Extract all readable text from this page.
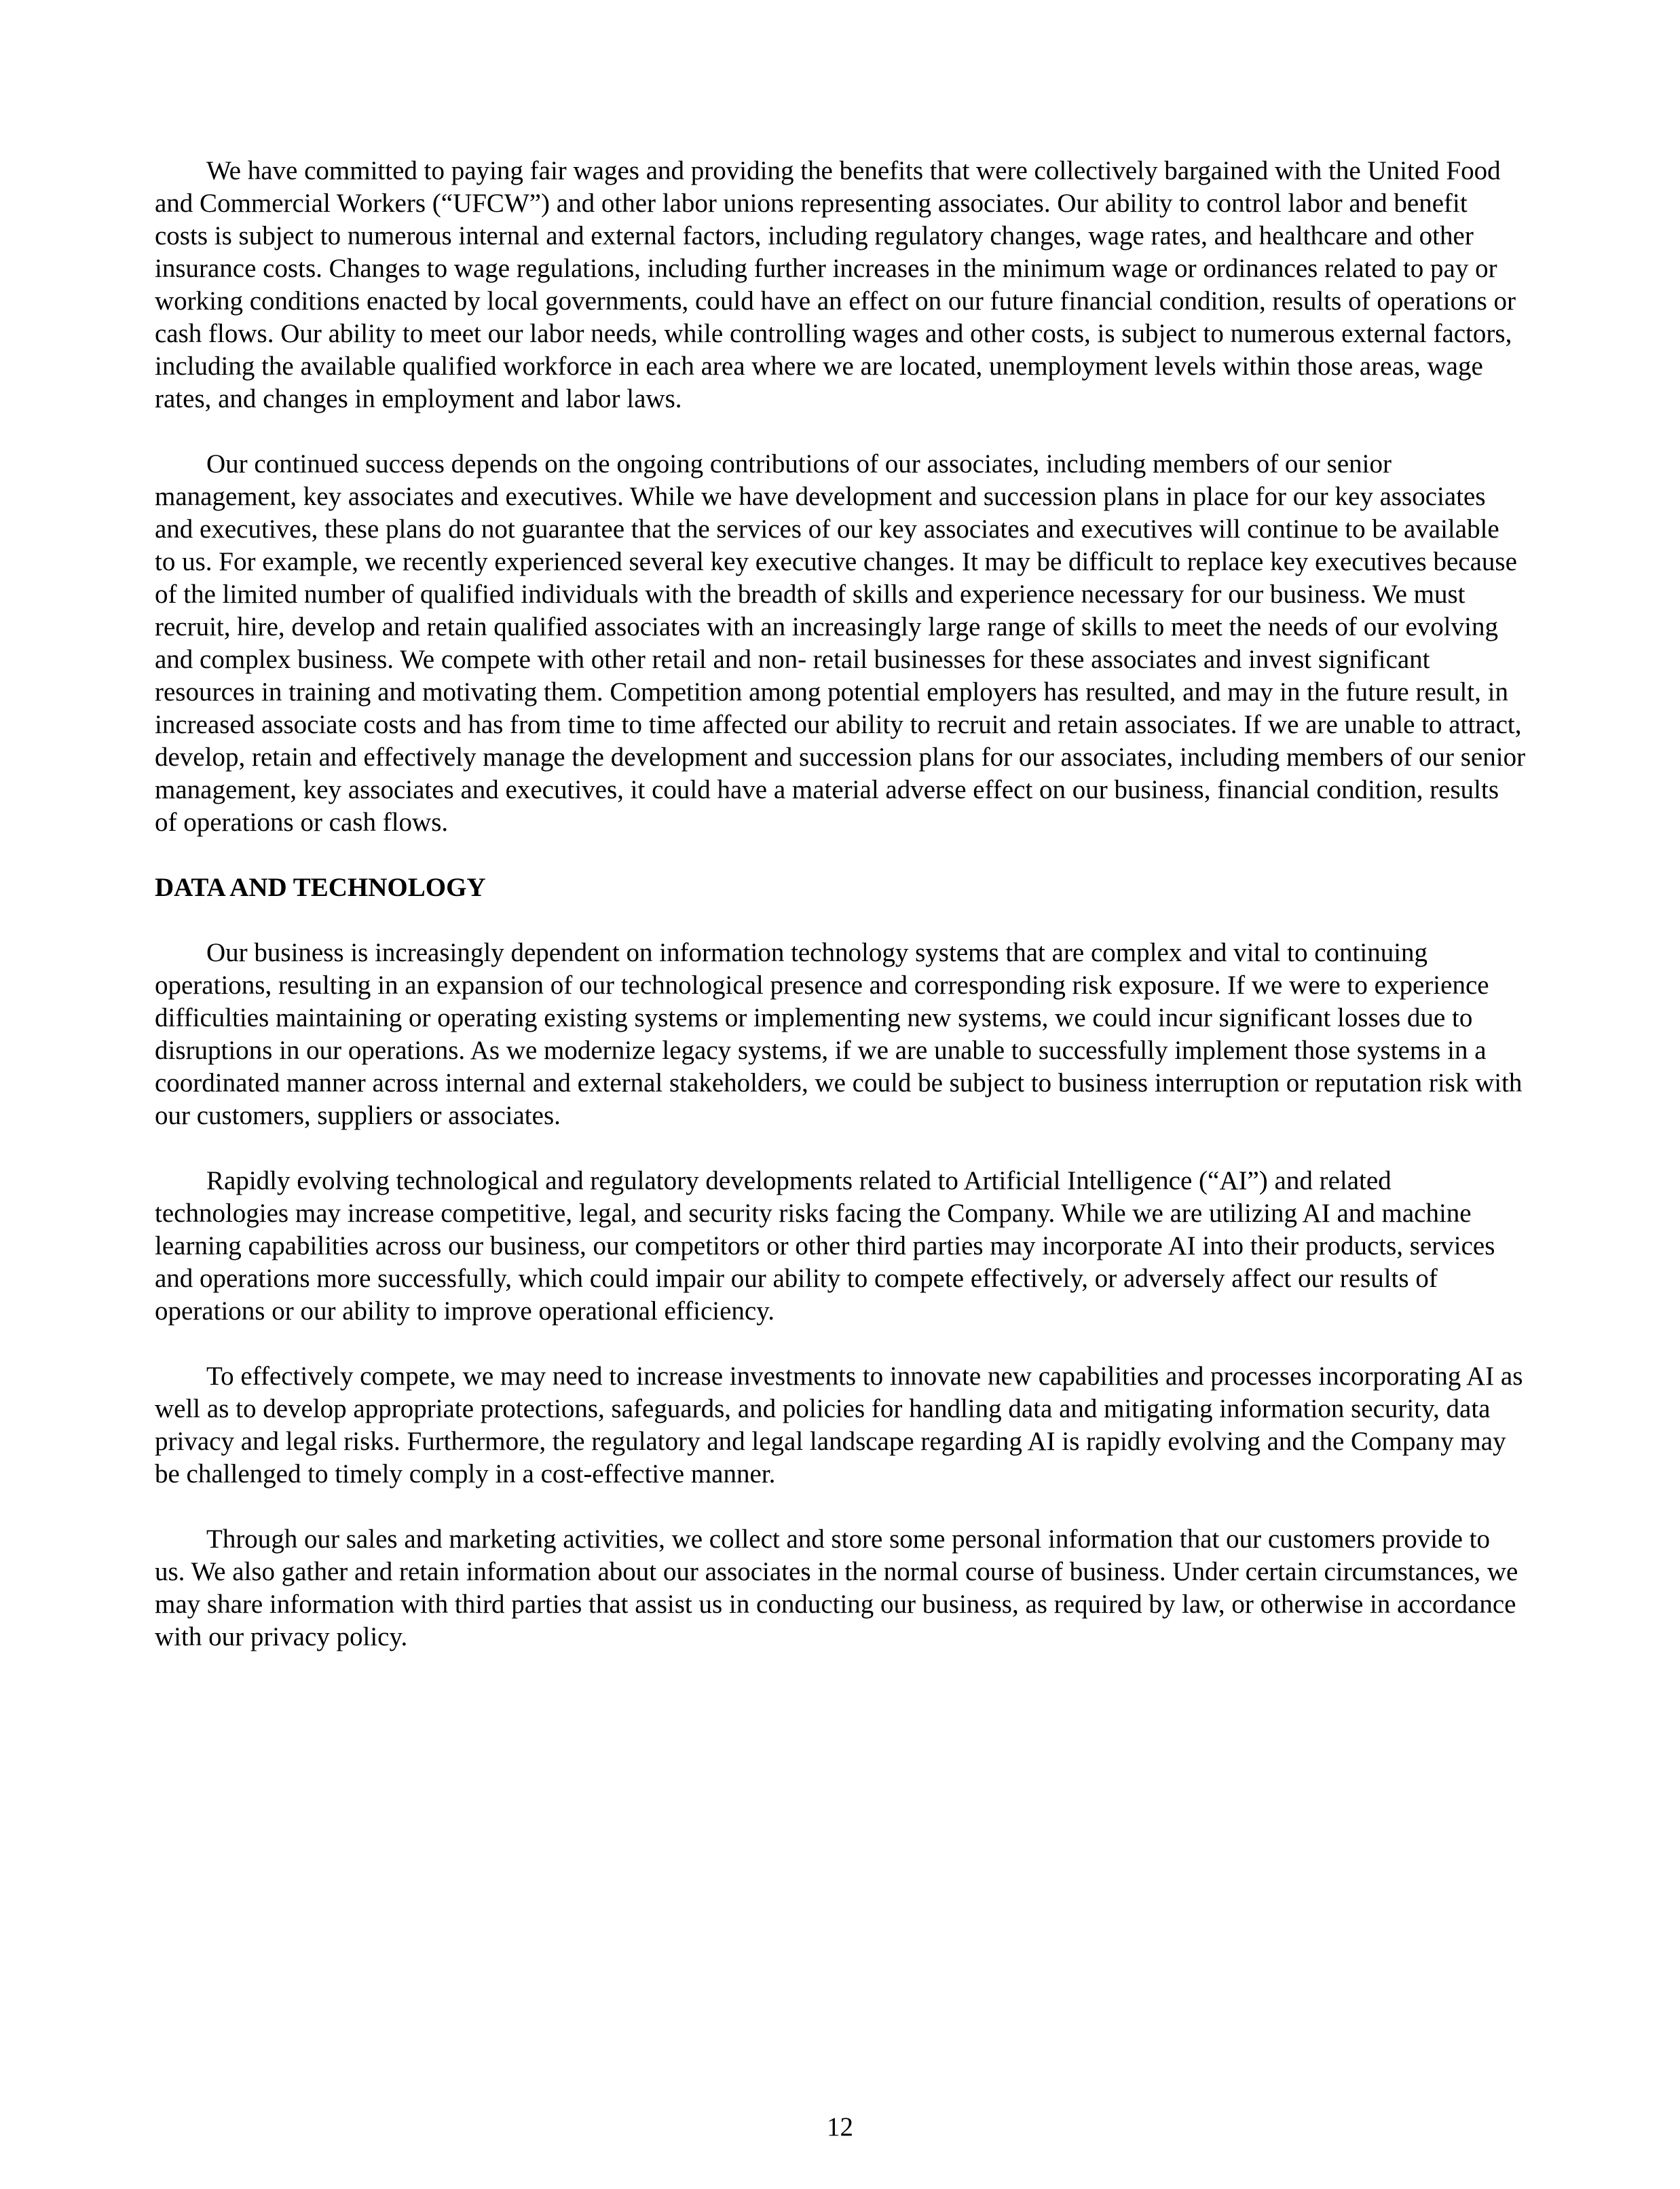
We have committed to paying fair wages and providing the benefits that were collectively bargained with the United Food and Commercial Workers (“UFCW”) and other labor unions representing associates. Our ability to control labor and benefit costs is subject to numerous internal and external factors, including regulatory changes, wage rates, and healthcare and other insurance costs. Changes to wage regulations, including further increases in the minimum wage or ordinances related to pay or working conditions enacted by local governments, could have an effect on our future financial condition, results of operations or cash flows. Our ability to meet our labor needs, while controlling wages and other costs, is subject to numerous external factors, including the available qualified workforce in each area where we are located, unemployment levels within those areas, wage rates, and changes in employment and labor laws.

Our continued success depends on the ongoing contributions of our associates, including members of our senior management, key associates and executives. While we have development and succession plans in place for our key associates and executives, these plans do not guarantee that the services of our key associates and executives will continue to be available to us. For example, we recently experienced several key executive changes. It may be difficult to replace key executives because of the limited number of qualified individuals with the breadth of skills and experience necessary for our business. We must recruit, hire, develop and retain qualified associates with an increasingly large range of skills to meet the needs of our evolving and complex business. We compete with other retail and non- retail businesses for these associates and invest significant resources in training and motivating them. Competition among potential employers has resulted, and may in the future result, in increased associate costs and has from time to time affected our ability to recruit and retain associates. If we are unable to attract, develop, retain and effectively manage the development and succession plans for our associates, including members of our senior management, key associates and executives, it could have a material adverse effect on our business, financial condition, results of operations or cash flows.

DATA AND TECHNOLOGY

Our business is increasingly dependent on information technology systems that are complex and vital to continuing operations, resulting in an expansion of our technological presence and corresponding risk exposure. If we were to experience difficulties maintaining or operating existing systems or implementing new systems, we could incur significant losses due to disruptions in our operations. As we modernize legacy systems, if we are unable to successfully implement those systems in a coordinated manner across internal and external stakeholders, we could be subject to business interruption or reputation risk with our customers, suppliers or associates.

Rapidly evolving technological and regulatory developments related to Artificial Intelligence (“AI”) and related technologies may increase competitive, legal, and security risks facing the Company. While we are utilizing AI and machine learning capabilities across our business, our competitors or other third parties may incorporate AI into their products, services and operations more successfully, which could impair our ability to compete effectively, or adversely affect our results of operations or our ability to improve operational efficiency.

To effectively compete, we may need to increase investments to innovate new capabilities and processes incorporating AI as well as to develop appropriate protections, safeguards, and policies for handling data and mitigating information security, data privacy and legal risks. Furthermore, the regulatory and legal landscape regarding AI is rapidly evolving and the Company may be challenged to timely comply in a cost-effective manner.

Through our sales and marketing activities, we collect and store some personal information that our customers provide to us. We also gather and retain information about our associates in the normal course of business. Under certain circumstances, we may share information with third parties that assist us in conducting our business, as required by law, or otherwise in accordance with our privacy policy.

12
